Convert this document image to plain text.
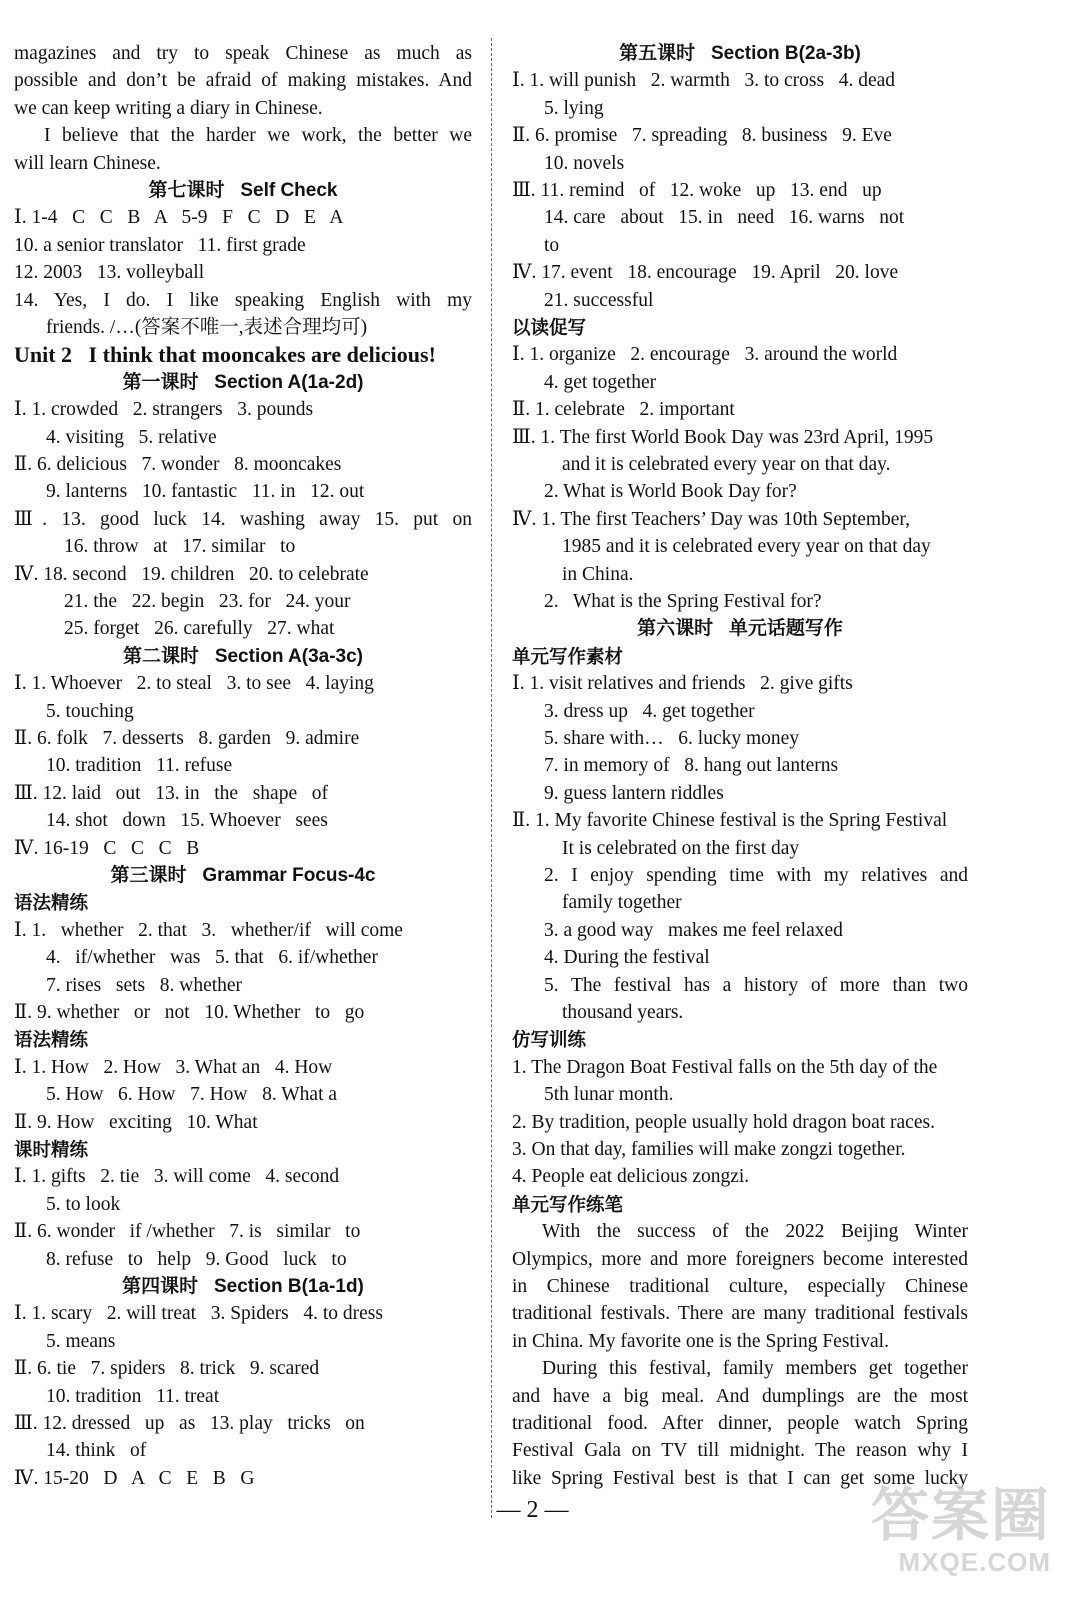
magazines and try to speak Chinese as much as
possible and don’t be afraid of making mistakes. And
we can keep writing a diary in Chinese.
I believe that the harder we work, the better we
will learn Chinese.
第七课时   Self Check
Ⅰ. 1-4   C   C   B   A   5-9   F   C   D   E   A
10. a senior translator   11. first grade
12. 2003   13. volleyball
14. Yes, I do. I like speaking English with my
friends. /…(答案不唯一,表述合理均可)
Unit 2   I think that mooncakes are delicious!
第一课时   Section A(1a-2d)
Ⅰ. 1. crowded   2. strangers   3. pounds
4. visiting   5. relative
Ⅱ. 6. delicious   7. wonder   8. mooncakes
9. lanterns   10. fantastic   11. in   12. out
Ⅲ. 13. good luck 14. washing away 15. put on
16. throw   at   17. similar   to
Ⅳ. 18. second   19. children   20. to celebrate
21. the   22. begin   23. for   24. your
25. forget   26. carefully   27. what
第二课时   Section A(3a-3c)
Ⅰ. 1. Whoever   2. to steal   3. to see   4. laying
5. touching
Ⅱ. 6. folk   7. desserts   8. garden   9. admire
10. tradition   11. refuse
Ⅲ. 12. laid   out   13. in   the   shape   of
14. shot   down   15. Whoever   sees
Ⅳ. 16-19   C   C   C   B
第三课时   Grammar Focus-4c
语法精练
Ⅰ. 1.   whether   2. that   3.   whether/if   will come
4.   if/whether   was   5. that   6. if/whether
7. rises   sets   8. whether
Ⅱ. 9. whether   or   not   10. Whether   to   go
语法精练
Ⅰ. 1. How   2. How   3. What an   4. How
5. How   6. How   7. How   8. What a
Ⅱ. 9. How   exciting   10. What
课时精练
Ⅰ. 1. gifts   2. tie   3. will come   4. second
5. to look
Ⅱ. 6. wonder   if /whether   7. is   similar   to
8. refuse   to   help   9. Good   luck   to
第四课时   Section B(1a-1d)
Ⅰ. 1. scary   2. will treat   3. Spiders   4. to dress
5. means
Ⅱ. 6. tie   7. spiders   8. trick   9. scared
10. tradition   11. treat
Ⅲ. 12. dressed   up   as   13. play   tricks   on
14. think   of
Ⅳ. 15-20   D   A   C   E   B   G
第五课时   Section B(2a-3b)
Ⅰ. 1. will punish   2. warmth   3. to cross   4. dead
5. lying
Ⅱ. 6. promise   7. spreading   8. business   9. Eve
10. novels
Ⅲ. 11. remind   of   12. woke   up   13. end   up
14. care   about   15. in   need   16. warns   not
to
Ⅳ. 17. event   18. encourage   19. April   20. love
21. successful
以读促写
Ⅰ. 1. organize   2. encourage   3. around the world
4. get together
Ⅱ. 1. celebrate   2. important
Ⅲ. 1. The first World Book Day was 23rd April, 1995
and it is celebrated every year on that day.
2. What is World Book Day for?
Ⅳ. 1. The first Teachers’ Day was 10th September,
1985 and it is celebrated every year on that day
in China.
2.   What is the Spring Festival for?
第六课时   单元话题写作
单元写作素材
Ⅰ. 1. visit relatives and friends   2. give gifts
3. dress up   4. get together
5. share with…   6. lucky money
7. in memory of   8. hang out lanterns
9. guess lantern riddles
Ⅱ. 1. My favorite Chinese festival is the Spring Festival
It is celebrated on the first day
2. I enjoy spending time with my relatives and
family together
3. a good way   makes me feel relaxed
4. During the festival
5. The festival has a history of more than two
thousand years.
仿写训练
1. The Dragon Boat Festival falls on the 5th day of the
5th lunar month.
2. By tradition, people usually hold dragon boat races.
3. On that day, families will make zongzi together.
4. People eat delicious zongzi.
单元写作练笔
With the success of the 2022 Beijing Winter
Olympics, more and more foreigners become interested
in Chinese traditional culture, especially Chinese
traditional festivals. There are many traditional festivals
in China. My favorite one is the Spring Festival.
During this festival, family members get together
and have a big meal. And dumplings are the most
traditional food. After dinner, people watch Spring
Festival Gala on TV till midnight. The reason why I
like Spring Festival best is that I can get some lucky
— 2 —	答案圈
MXQE.COM
